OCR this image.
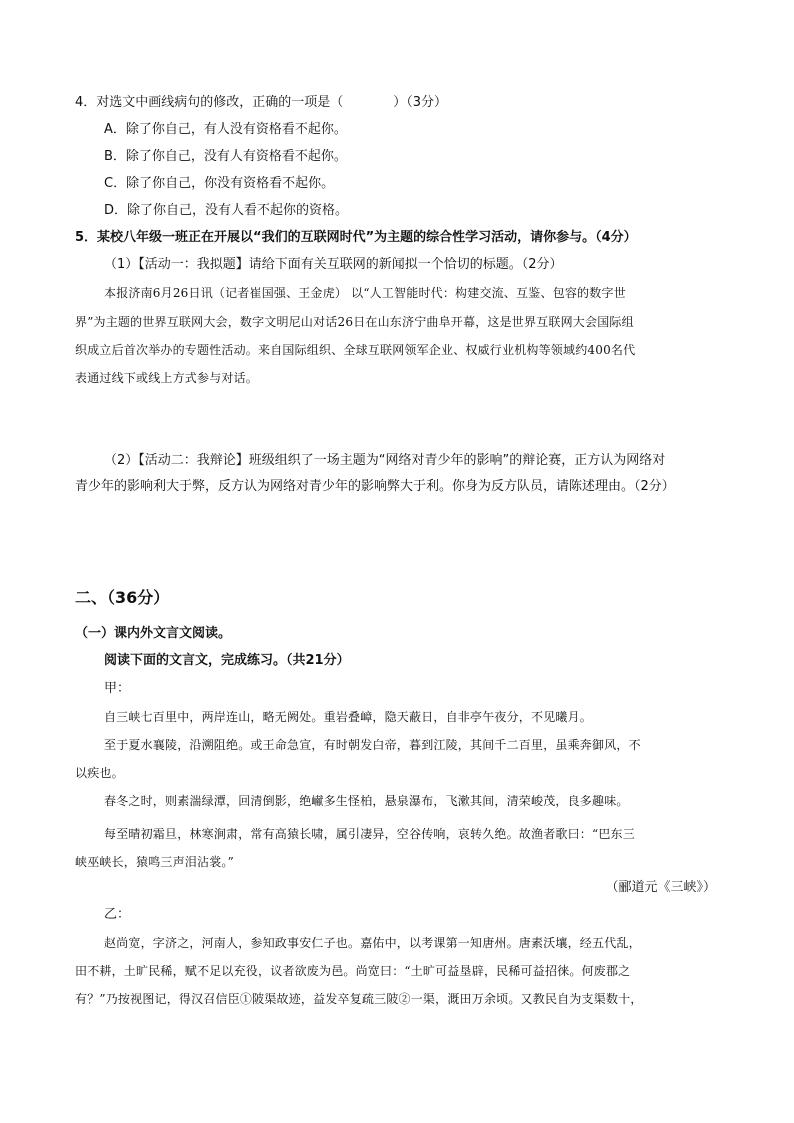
4．对选文中画线病句的修改，正确的一项是（	）（3分）
A．除了你自己，有人没有资格看不起你。
B．除了你自己，没有人有资格看不起你。
C．除了你自己，你没有资格看不起你。
D．除了你自己，没有人看不起你的资格。
5．某校八年级一班正在开展以“我们的互联网时代”为主题的综合性学习活动，请你参与。（4分）
（1）【活动一：我拟题】请给下面有关互联网的新闻拟一个恰切的标题。（2分）
本报济南6月26日讯（记者崔国强、王金虎） 以“人工智能时代：构建交流、互鉴、包容的数字世
界”为主题的世界互联网大会，数字文明尼山对话26日在山东济宁曲阜开幕，这是世界互联网大会国际组
织成立后首次举办的专题性活动。来自国际组织、全球互联网领军企业、权威行业机构等领域约400名代
表通过线下或线上方式参与对话。
（2）【活动二：我辩论】班级组织了一场主题为“网络对青少年的影响”的辩论赛，正方认为网络对
青少年的影响利大于弊，反方认为网络对青少年的影响弊大于利。你身为反方队员，请陈述理由。（2分）
二、（36分）
（一）课内外文言文阅读。
阅读下面的文言文，完成练习。（共21分）
甲：
自三峡七百里中，两岸连山，略无阙处。重岩叠嶂，隐天蔽日，自非亭午夜分，不见曦月。
至于夏水襄陵，沿溯阻绝。或王命急宣，有时朝发白帝，暮到江陵，其间千二百里，虽乘奔御风，不
以疾也。
春冬之时，则素湍绿潭，回清倒影，绝𪩘多生怪柏，悬泉瀑布，飞漱其间，清荣峻茂，良多趣味。
每至晴初霜旦，林寒涧肃，常有高猿长啸，属引凄异，空谷传响，哀转久绝。故渔者歌曰：“巴东三
峡巫峡长，猿鸣三声泪沾裳。”
（郦道元《三峡》）
乙：
赵尚宽，字济之，河南人，参知政事安仁子也。嘉佑中，以考课第一知唐州。唐素沃壤，经五代乱，
田不耕，土旷民稀，赋不足以充役，议者欲废为邑。尚宽曰：“土旷可益垦辟，民稀可益招徕。何废郡之
有？”乃按视图记，得汉召信臣①陂渠故迹，益发卒复疏三陂②一渠，溉田万余顷。又教民自为支渠数十，
